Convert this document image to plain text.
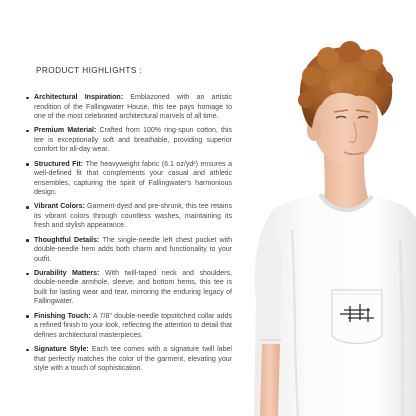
PRODUCT HIGHLIGHTS :
Architectural Inspiration: Emblazoned with an artistic rendition of the Fallingwater House, this tee pays homage to one of the most celebrated architectural marvels of all time.
Premium Material: Crafted from 100% ring-spun cotton, this tee is exceptionally soft and breathable, providing superior comfort for all-day wear.
Structured Fit: The heavyweight fabric (6.1 oz/yd²) ensures a well-defined fit that complements your casual and athletic ensembles, capturing the spirit of Fallingwater's harmonious design.
Vibrant Colors: Garment-dyed and pre-shrunk, this tee retains its vibrant colors through countless washes, maintaining its fresh and stylish appearance.
Thoughtful Details: The single-needle left chest pocket with double-needle hem adds both charm and functionality to your outfit.
Durability Matters: With twill-taped neck and shoulders, double-needle armhole, sleeve, and bottom hems, this tee is built for lasting wear and tear, mirroring the enduring legacy of Fallingwater.
Finishing Touch: A 7/8" double-needle topstitched collar adds a refined finish to your look, reflecting the attention to detail that defines architectural masterpieces.
Signature Style: Each tee comes with a signature twill label that perfectly matches the color of the garment, elevating your style with a touch of sophistication.
